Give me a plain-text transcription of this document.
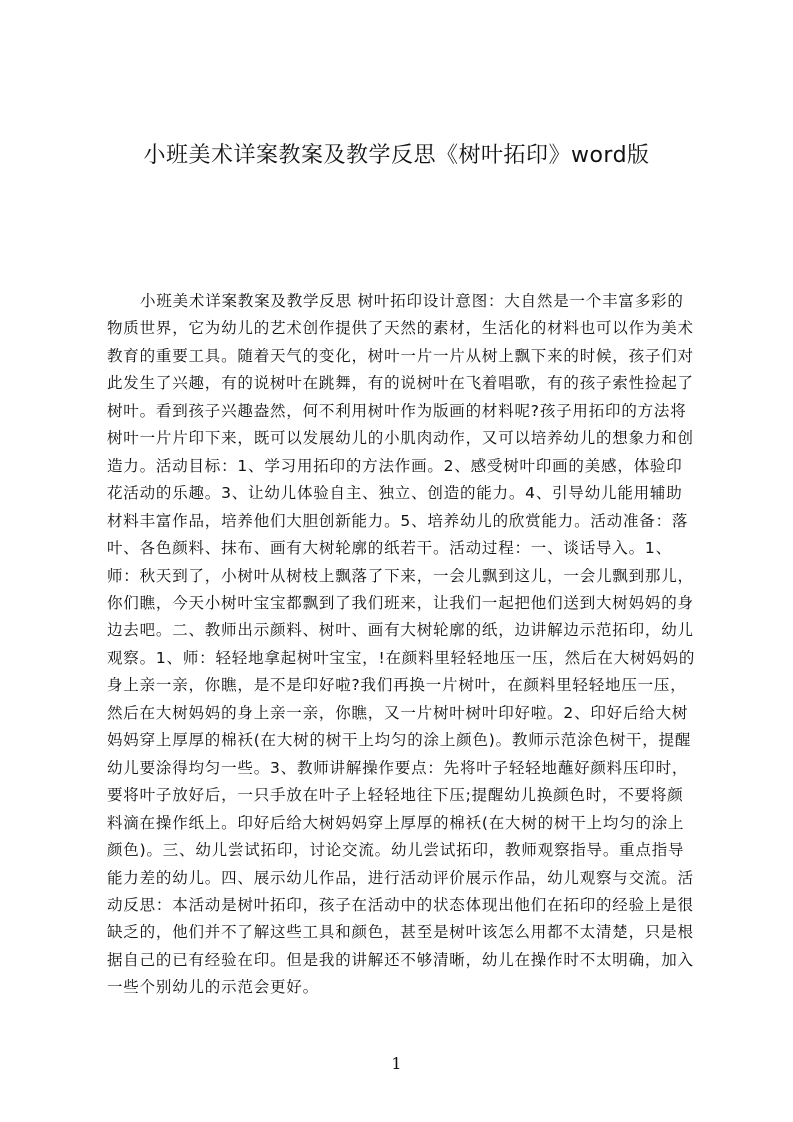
小班美术详案教案及教学反思《树叶拓印》word版
小班美术详案教案及教学反思 树叶拓印设计意图：大自然是一个丰富多彩的物质世界，它为幼儿的艺术创作提供了天然的素材，生活化的材料也可以作为美术教育的重要工具。随着天气的变化，树叶一片一片从树上飘下来的时候，孩子们对此发生了兴趣，有的说树叶在跳舞，有的说树叶在飞着唱歌，有的孩子索性捡起了树叶。看到孩子兴趣盎然，何不利用树叶作为版画的材料呢?孩子用拓印的方法将树叶一片片印下来，既可以发展幼儿的小肌肉动作，又可以培养幼儿的想象力和创造力。活动目标：1、学习用拓印的方法作画。2、感受树叶印画的美感，体验印花活动的乐趣。3、让幼儿体验自主、独立、创造的能力。4、引导幼儿能用辅助材料丰富作品，培养他们大胆创新能力。5、培养幼儿的欣赏能力。活动准备：落叶、各色颜料、抹布、画有大树轮廓的纸若干。活动过程：一、谈话导入。1、师：秋天到了，小树叶从树枝上飘落了下来，一会儿飘到这儿，一会儿飘到那儿，你们瞧，今天小树叶宝宝都飘到了我们班来，让我们一起把他们送到大树妈妈的身边去吧。二、教师出示颜料、树叶、画有大树轮廓的纸，边讲解边示范拓印，幼儿观察。1、师：轻轻地拿起树叶宝宝，!在颜料里轻轻地压一压，然后在大树妈妈的身上亲一亲，你瞧，是不是印好啦?我们再换一片树叶，在颜料里轻轻地压一压，然后在大树妈妈的身上亲一亲，你瞧，又一片树叶树叶印好啦。2、印好后给大树妈妈穿上厚厚的棉袄(在大树的树干上均匀的涂上颜色)。教师示范涂色树干，提醒幼儿要涂得均匀一些。3、教师讲解操作要点：先将叶子轻轻地蘸好颜料压印时，要将叶子放好后，一只手放在叶子上轻轻地往下压;提醒幼儿换颜色时，不要将颜料滴在操作纸上。印好后给大树妈妈穿上厚厚的棉袄(在大树的树干上均匀的涂上颜色)。三、幼儿尝试拓印，讨论交流。幼儿尝试拓印，教师观察指导。重点指导能力差的幼儿。四、展示幼儿作品，进行活动评价展示作品，幼儿观察与交流。活动反思：本活动是树叶拓印，孩子在活动中的状态体现出他们在拓印的经验上是很缺乏的，他们并不了解这些工具和颜色，甚至是树叶该怎么用都不太清楚，只是根据自己的已有经验在印。但是我的讲解还不够清晰，幼儿在操作时不太明确，加入一些个别幼儿的示范会更好。
1
